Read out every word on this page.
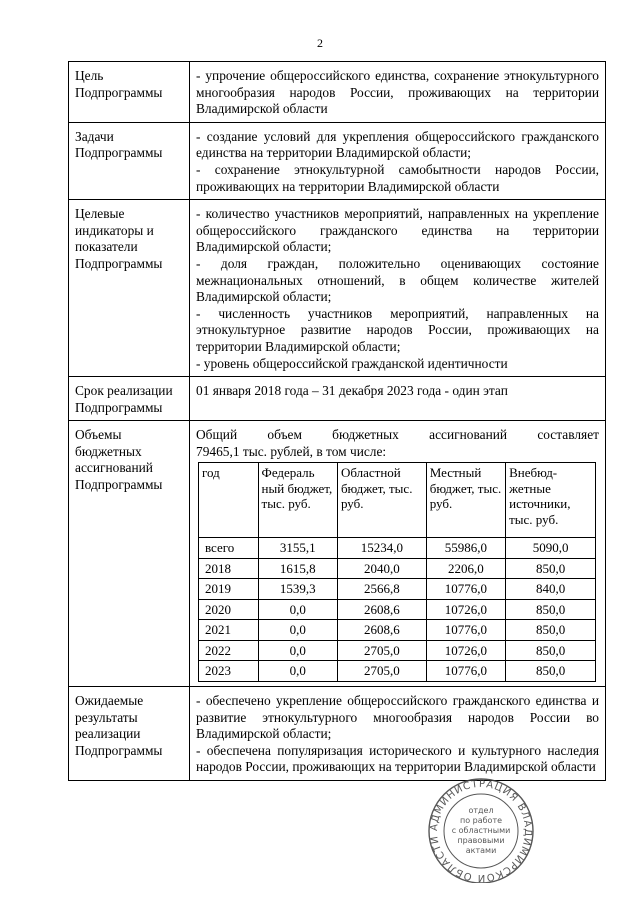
2
Цель Подпрограммы	
- упрочение общероссийского единства, сохранение этнокультурного многообразия народов России, проживающих на территории Владимирской области

Задачи Подпрограммы	
- создание условий для укрепления общероссийского гражданского единства на территории Владимирской области;
- сохранение этнокультурной самобытности народов России, проживающих на территории Владимирской области

Целевые индикаторы и показатели Подпрограммы	
- количество участников мероприятий, направленных на укрепление общероссийского гражданского единства на территории Владимирской области;
- доля граждан, положительно оценивающих состояние межнациональных отношений, в общем количестве жителей Владимирской области;
- численность участников мероприятий, направленных на этнокультурное развитие народов России, проживающих на территории Владимирской области;
- уровень общероссийской гражданской идентичности

Срок реализации Подпрограммы	01 января 2018 года – 31 декабря 2023 года - один этап
Объемы бюджетных ассигнований Подпрограммы	
Общий объем бюджетных ассигнований составляет
79465,1 тыс. рублей, в том числе:
год	Федераль ный бюджет, тыс. руб.	Областной бюджет, тыс. руб.	Местный бюджет, тыс. руб.	Внебюд-жетные источники, тыс. руб.
всего	3155,1	15234,0	55986,0	5090,0
2018	1615,8	2040,0	2206,0	850,0
2019	1539,3	2566,8	10776,0	840,0
2020	0,0	2608,6	10726,0	850,0
2021	0,0	2608,6	10776,0	850,0
2022	0,0	2705,0	10726,0	850,0
2023	0,0	2705,0	10776,0	850,0

Ожидаемые результаты реализации Подпрограммы	
- обеспечено укрепление общероссийского гражданского единства и развитие этнокультурного многообразия народов России во Владимирской области;
- обеспечена популяризация исторического и культурного наследия народов России, проживающих на территории Владимирской области
АДМИНИСТРАЦИЯ ВЛАДИМИРСКОЙ ОБЛАСТИ
отдел
по работе
с областными
правовыми
актами
